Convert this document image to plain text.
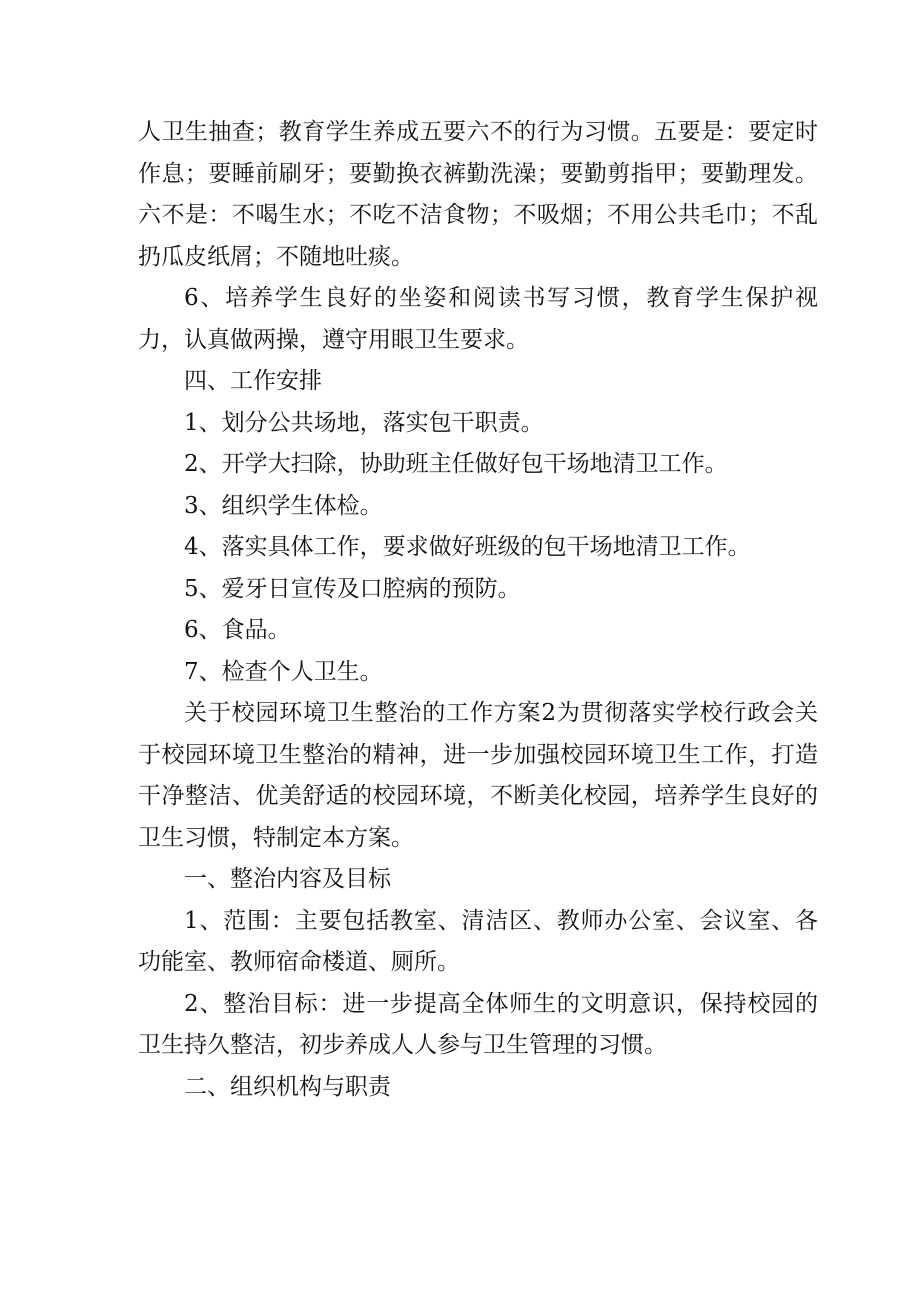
人卫生抽查；教育学生养成五要六不的行为习惯。五要是：要定时作息；要睡前刷牙；要勤换衣裤勤洗澡；要勤剪指甲；要勤理发。六不是：不喝生水；不吃不洁食物；不吸烟；不用公共毛巾；不乱扔瓜皮纸屑；不随地吐痰。

6、培养学生良好的坐姿和阅读书写习惯，教育学生保护视力，认真做两操，遵守用眼卫生要求。

四、工作安排

1、划分公共场地，落实包干职责。

2、开学大扫除，协助班主任做好包干场地清卫工作。

3、组织学生体检。

4、落实具体工作，要求做好班级的包干场地清卫工作。

5、爱牙日宣传及口腔病的预防。

6、食品。

7、检查个人卫生。

关于校园环境卫生整治的工作方案2为贯彻落实学校行政会关于校园环境卫生整治的精神，进一步加强校园环境卫生工作，打造干净整洁、优美舒适的校园环境，不断美化校园，培养学生良好的卫生习惯，特制定本方案。

一、整治内容及目标

1、范围：主要包括教室、清洁区、教师办公室、会议室、各功能室、教师宿命楼道、厕所。

2、整治目标：进一步提高全体师生的文明意识，保持校园的卫生持久整洁，初步养成人人参与卫生管理的习惯。

二、组织机构与职责
